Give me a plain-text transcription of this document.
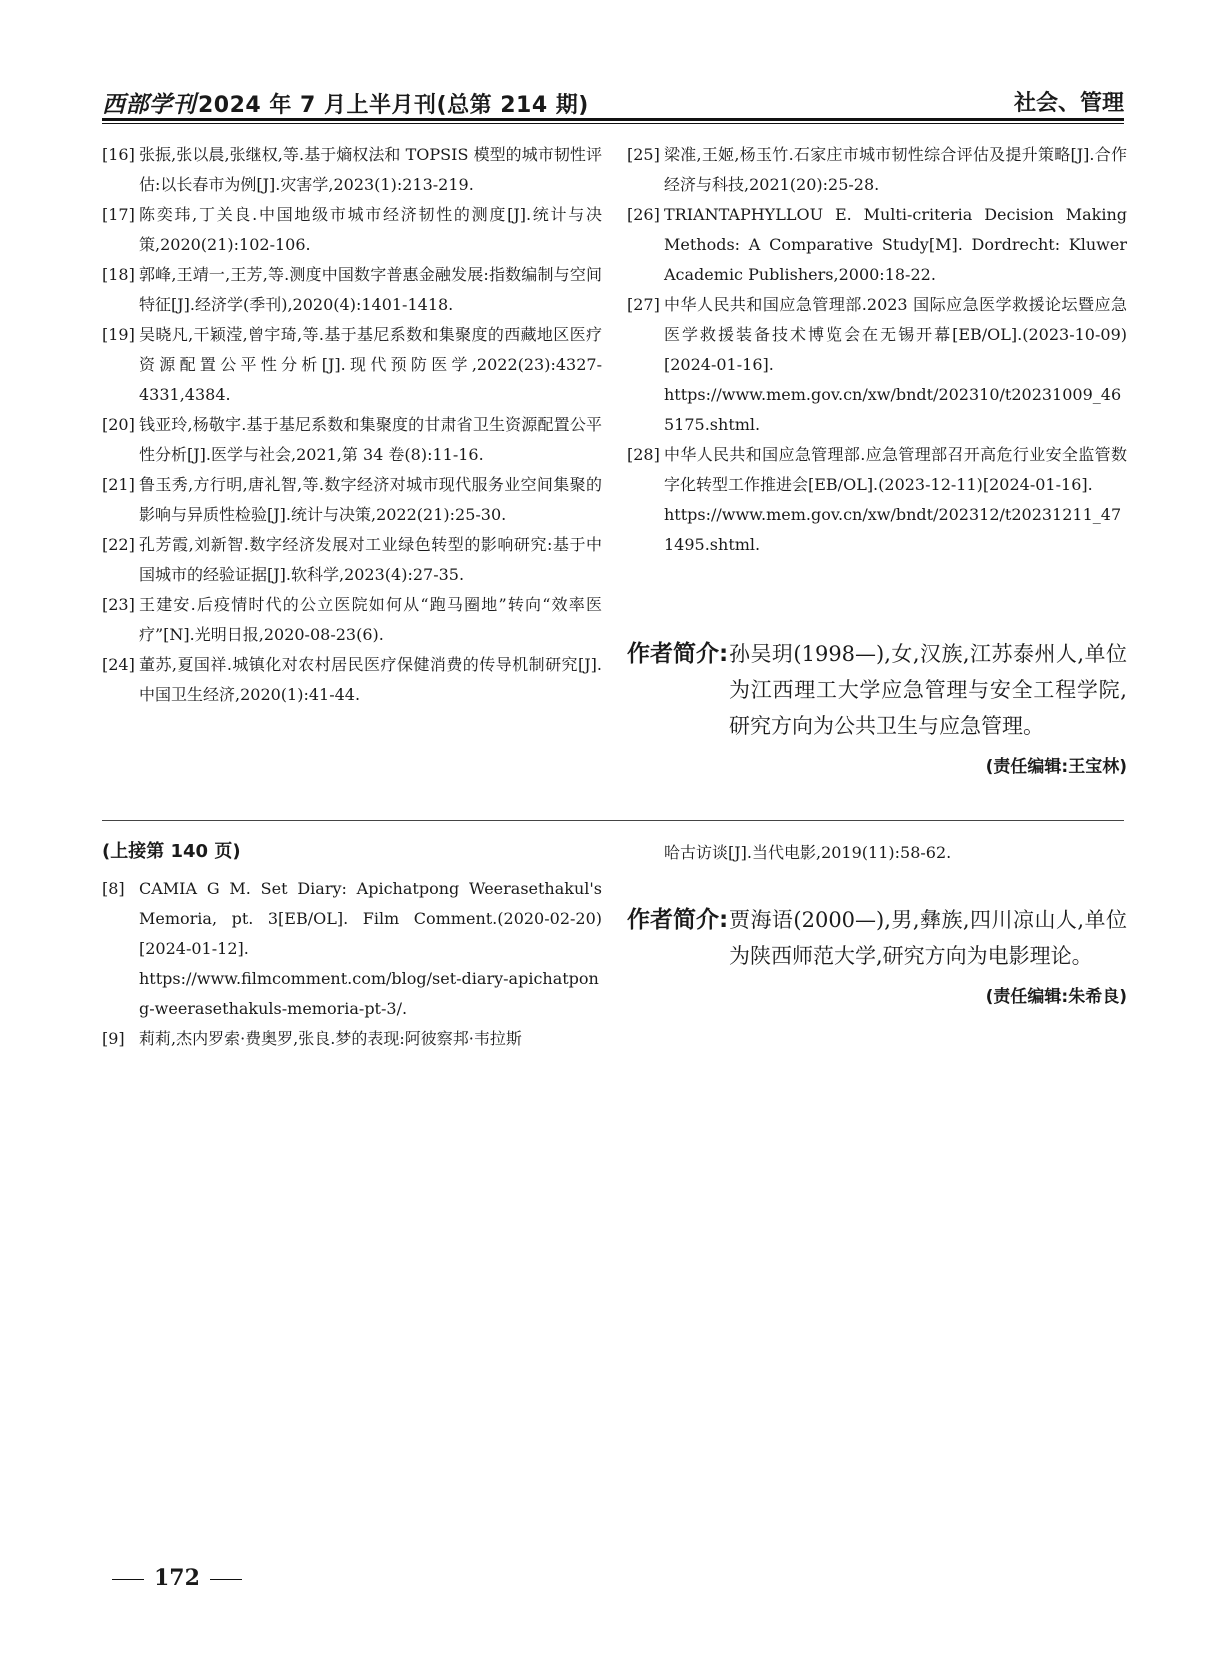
西部学刊2024 年 7 月上半月刊(总第 214 期)	社会、管理
[16] 张振,张以晨,张继权,等.基于熵权法和 TOPSIS 模型的城市韧性评估:以长春市为例[J].灾害学,2023(1):213-219.
[17] 陈奕玮,丁关良.中国地级市城市经济韧性的测度[J].统计与决策,2020(21):102-106.
[18] 郭峰,王靖一,王芳,等.测度中国数字普惠金融发展:指数编制与空间特征[J].经济学(季刊),2020(4):1401-1418.
[19] 吴晓凡,干颖滢,曾宇琦,等.基于基尼系数和集聚度的西藏地区医疗资源配置公平性分析[J].现代预防医学,2022(23):4327-4331,4384.
[20] 钱亚玲,杨敬宇.基于基尼系数和集聚度的甘肃省卫生资源配置公平性分析[J].医学与社会,2021,第 34 卷(8):11-16.
[21] 鲁玉秀,方行明,唐礼智,等.数字经济对城市现代服务业空间集聚的影响与异质性检验[J].统计与决策,2022(21):25-30.
[22] 孔芳霞,刘新智.数字经济发展对工业绿色转型的影响研究:基于中国城市的经验证据[J].软科学,2023(4):27-35.
[23] 王建安.后疫情时代的公立医院如何从“跑马圈地”转向“效率医疗”[N].光明日报,2020-08-23(6).
[24] 董苏,夏国祥.城镇化对农村居民医疗保健消费的传导机制研究[J].中国卫生经济,2020(1):41-44.
[25] 梁准,王姬,杨玉竹.石家庄市城市韧性综合评估及提升策略[J].合作经济与科技,2021(20):25-28.
[26] TRIANTAPHYLLOU E. Multi-criteria Decision Making Methods: A Comparative Study[M]. Dordrecht: Kluwer Academic Publishers,2000:18-22.
[27] 中华人民共和国应急管理部.2023 国际应急医学救援论坛暨应急医学救援装备技术博览会在无锡开幕[EB/OL].(2023-10-09)[2024-01-16].
https://www.mem.gov.cn/xw/bndt/202310/t20231009_465175.shtml.
[28] 中华人民共和国应急管理部.应急管理部召开高危行业安全监管数字化转型工作推进会[EB/OL].(2023-12-11)[2024-01-16].
https://www.mem.gov.cn/xw/bndt/202312/t20231211_471495.shtml.
作者简介: 孙吴玥(1998—),女,汉族,江苏泰州人,单位为江西理工大学应急管理与安全工程学院,研究方向为公共卫生与应急管理。
(责任编辑:王宝林)
(上接第 140 页)
[8] CAMIA G M. Set Diary: Apichatpong Weerasethakul's Memoria, pt. 3[EB/OL]. Film Comment.(2020-02-20)[2024-01-12].
https://www.filmcomment.com/blog/set-diary-apichatpong-weerasethakuls-memoria-pt-3/.
[9] 莉莉,杰内罗索·费奥罗,张良.梦的表现:阿彼察邦·韦拉斯
哈古访谈[J].当代电影,2019(11):58-62.
作者简介: 贾海语(2000—),男,彝族,四川凉山人,单位为陕西师范大学,研究方向为电影理论。
(责任编辑:朱希良)
172
